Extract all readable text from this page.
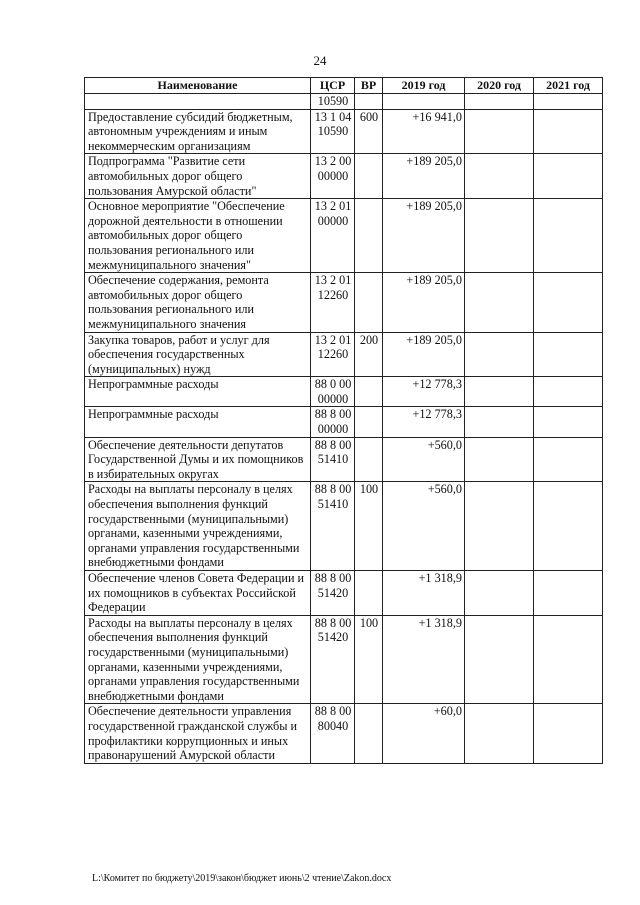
24
Наименование	ЦСР	ВР	2019 год	2020 год	2021 год
	10590				
Предоставление субсидий бюджетным, автономным учреждениям и иным некоммерческим организациям	13 1 04 10590	600	+16 941,0		
Подпрограмма "Развитие сети автомобильных дорог общего пользования Амурской области"	13 2 00 00000		+189 205,0		
Основное мероприятие "Обеспечение дорожной деятельности в отношении автомобильных дорог общего пользования регионального или межмуниципального значения"	13 2 01 00000		+189 205,0		
Обеспечение содержания, ремонта автомобильных дорог общего пользования регионального или межмуниципального значения	13 2 01 12260		+189 205,0		
Закупка товаров, работ и услуг для обеспечения государственных (муниципальных) нужд	13 2 01 12260	200	+189 205,0		
Непрограммные расходы	88 0 00 00000		+12 778,3		
Непрограммные расходы	88 8 00 00000		+12 778,3		
Обеспечение деятельности депутатов Государственной Думы и их помощников в избирательных округах	88 8 00 51410		+560,0		
Расходы на выплаты персоналу в целях обеспечения выполнения функций государственными (муниципальными) органами, казенными учреждениями, органами управления государственными внебюджетными фондами	88 8 00 51410	100	+560,0		
Обеспечение членов Совета Федерации и их помощников в субъектах Российской Федерации	88 8 00 51420		+1 318,9		
Расходы на выплаты персоналу в целях обеспечения выполнения функций государственными (муниципальными) органами, казенными учреждениями, органами управления государственными внебюджетными фондами	88 8 00 51420	100	+1 318,9		
Обеспечение деятельности управления государственной гражданской службы и профилактики коррупционных и иных правонарушений Амурской области	88 8 00 80040		+60,0		
L:\Комитет по бюджету\2019\закон\бюджет июнь\2 чтение\Zakon.docx
